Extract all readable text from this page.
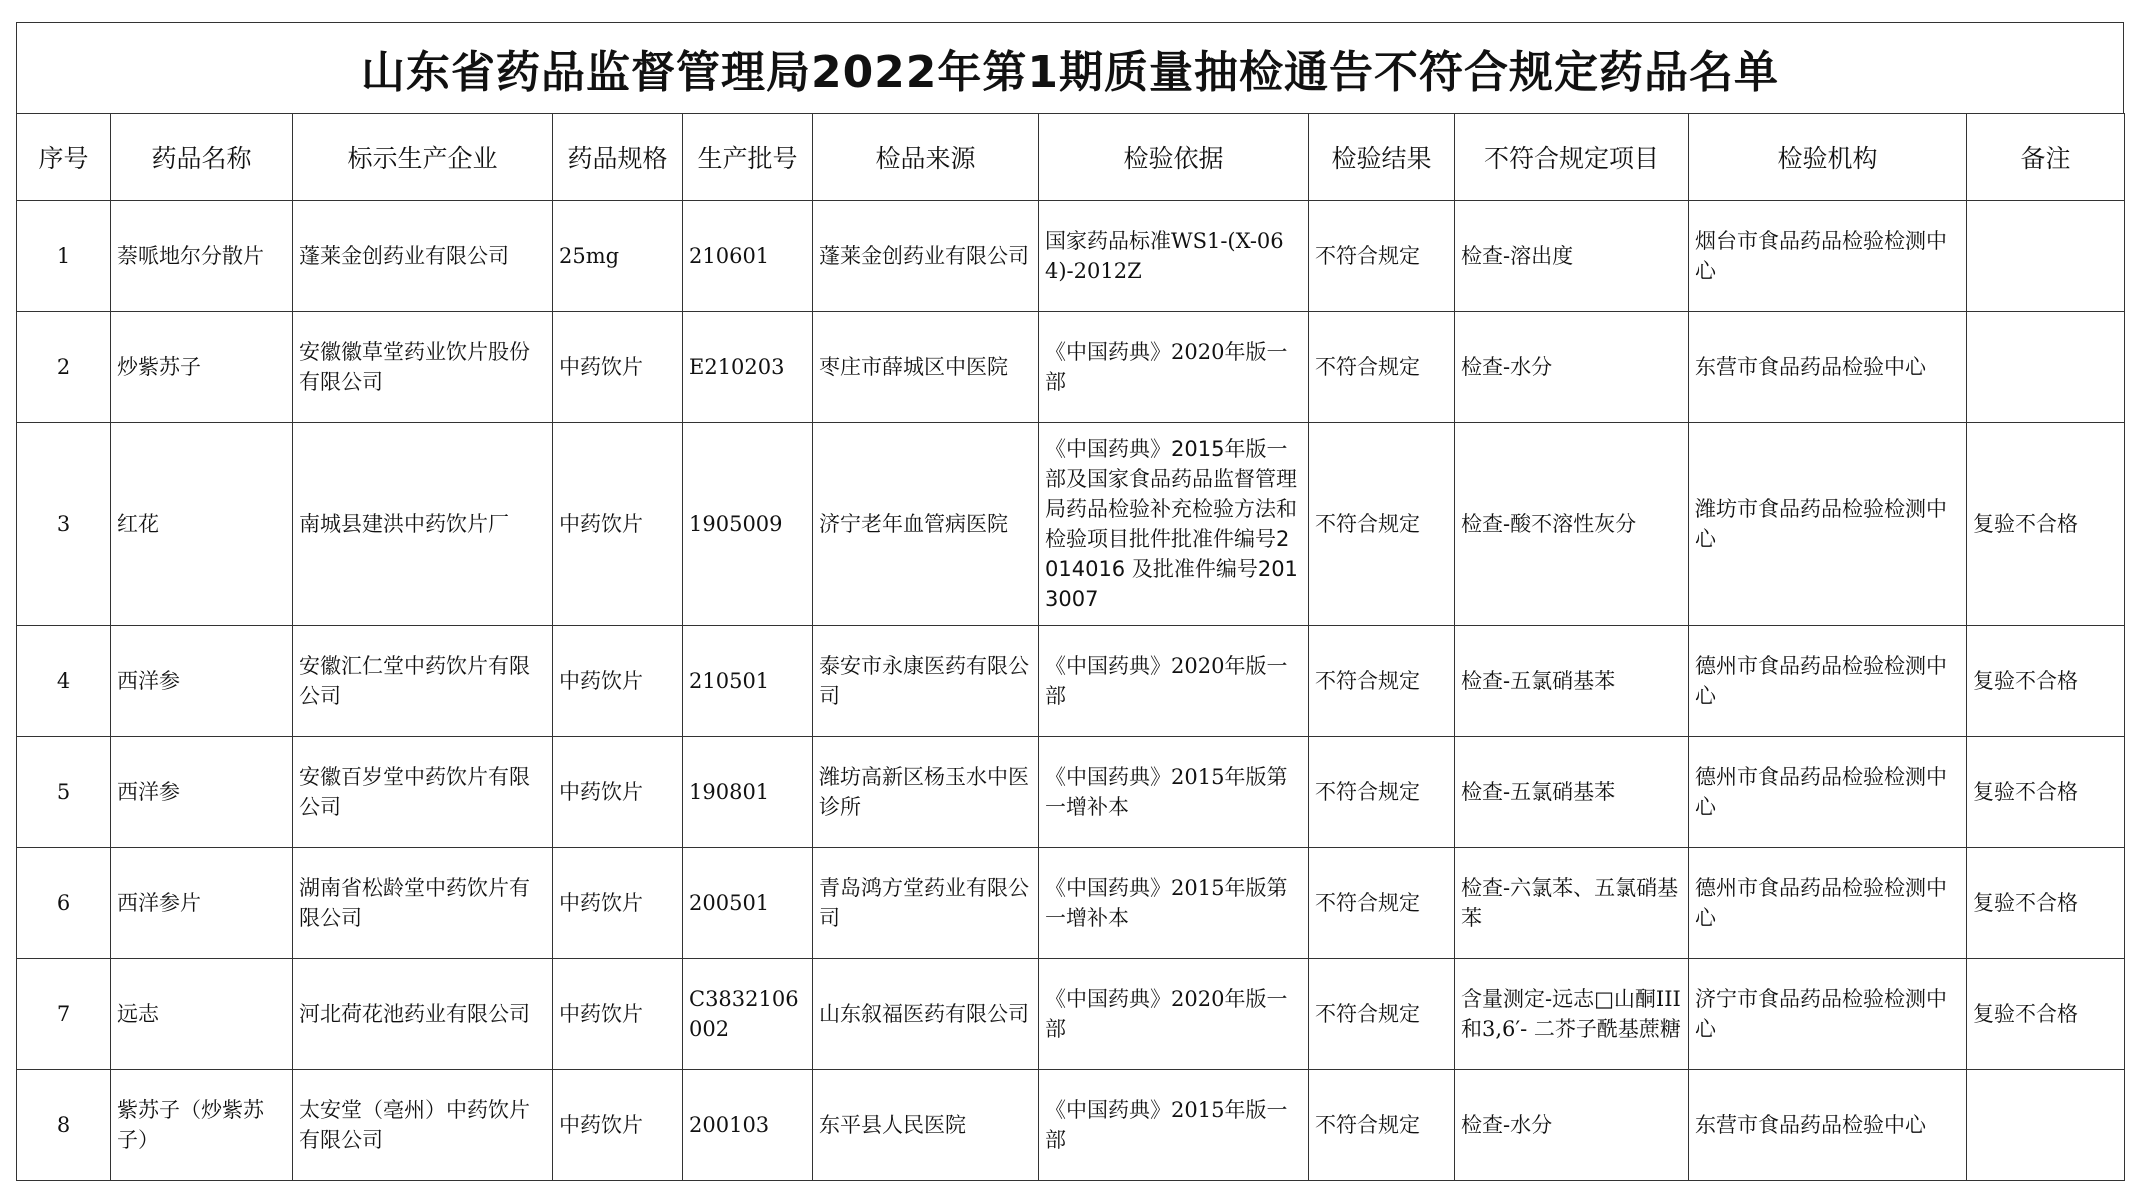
山东省药品监督管理局2022年第1期质量抽检通告不符合规定药品名单
序号	药品名称	标示生产企业	药品规格	生产批号	检品来源	检验依据	检验结果	不符合规定项目	检验机构	备注
1	萘哌地尔分散片	蓬莱金创药业有限公司	25mg	210601	蓬莱金创药业有限公司	国家药品标准WS1-(X-064)-2012Z	不符合规定	检查-溶出度	烟台市食品药品检验检测中心	
2	炒紫苏子	安徽徽草堂药业饮片股份有限公司	中药饮片	E210203	枣庄市薛城区中医院	《中国药典》2020年版一部	不符合规定	检查-水分	东营市食品药品检验中心	
3	红花	南城县建洪中药饮片厂	中药饮片	1905009	济宁老年血管病医院	《中国药典》2015年版一部及国家食品药品监督管理局药品检验补充检验方法和检验项目批件批准件编号2014016 及批准件编号2013007	不符合规定	检查-酸不溶性灰分	潍坊市食品药品检验检测中心	复验不合格
4	西洋参	安徽汇仁堂中药饮片有限公司	中药饮片	210501	泰安市永康医药有限公司	《中国药典》2020年版一部	不符合规定	检查-五氯硝基苯	德州市食品药品检验检测中心	复验不合格
5	西洋参	安徽百岁堂中药饮片有限公司	中药饮片	190801	潍坊高新区杨玉水中医诊所	《中国药典》2015年版第一增补本	不符合规定	检查-五氯硝基苯	德州市食品药品检验检测中心	复验不合格
6	西洋参片	湖南省松龄堂中药饮片有限公司	中药饮片	200501	青岛鸿方堂药业有限公司	《中国药典》2015年版第一增补本	不符合规定	检查-六氯苯、五氯硝基苯	德州市食品药品检验检测中心	复验不合格
7	远志	河北荷花池药业有限公司	中药饮片	C3832106002	山东叙福医药有限公司	《中国药典》2020年版一部	不符合规定	含量测定-远志□山酮III和3,6′- 二芥子酰基蔗糖	济宁市食品药品检验检测中心	复验不合格
8	紫苏子（炒紫苏子）	太安堂（亳州）中药饮片有限公司	中药饮片	200103	东平县人民医院	《中国药典》2015年版一部	不符合规定	检查-水分	东营市食品药品检验中心	
